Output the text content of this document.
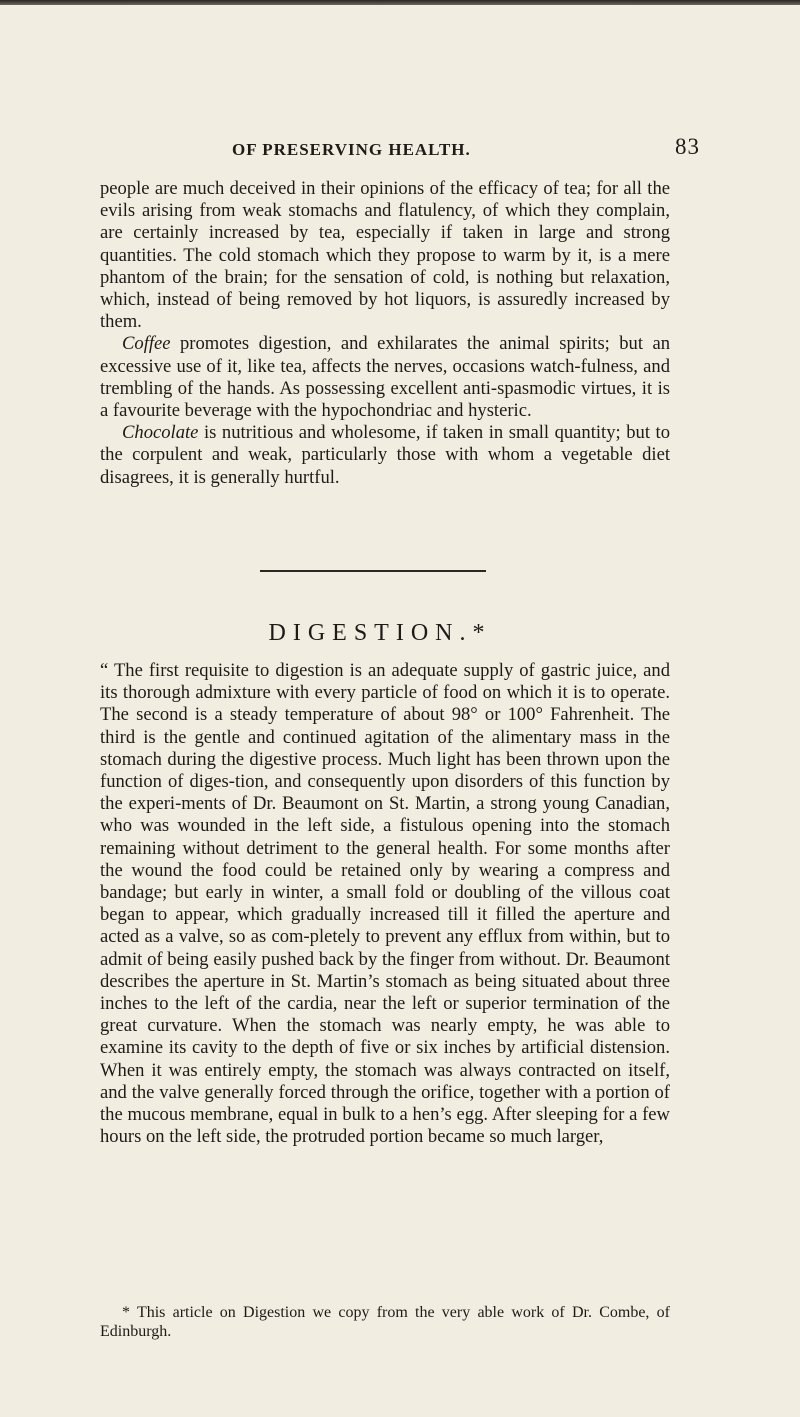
OF PRESERVING HEALTH.	83

people are much deceived in their opinions of the efficacy of tea; for all the evils arising from weak stomachs and flatulency, of which they complain, are certainly increased by tea, especially if taken in large and strong quantities. The cold stomach which they propose to warm by it, is a mere phantom of the brain; for the sensation of cold, is nothing but relaxation, which, instead of being removed by hot liquors, is assuredly increased by them.

Coffee promotes digestion, and exhilarates the animal spirits; but an excessive use of it, like tea, affects the nerves, occasions watch-fulness, and trembling of the hands. As possessing excellent anti-spasmodic virtues, it is a favourite beverage with the hypochondriac and hysteric.

Chocolate is nutritious and wholesome, if taken in small quantity; but to the corpulent and weak, particularly those with whom a vegetable diet disagrees, it is generally hurtful.

DIGESTION.*

“ The first requisite to digestion is an adequate supply of gastric juice, and its thorough admixture with every particle of food on which it is to operate. The second is a steady temperature of about 98° or 100° Fahrenheit. The third is the gentle and continued agitation of the alimentary mass in the stomach during the digestive process. Much light has been thrown upon the function of diges-tion, and consequently upon disorders of this function by the experi-ments of Dr. Beaumont on St. Martin, a strong young Canadian, who was wounded in the left side, a fistulous opening into the stomach remaining without detriment to the general health. For some months after the wound the food could be retained only by wearing a compress and bandage; but early in winter, a small fold or doubling of the villous coat began to appear, which gradually increased till it filled the aperture and acted as a valve, so as com-pletely to prevent any efflux from within, but to admit of being easily pushed back by the finger from without. Dr. Beaumont describes the aperture in St. Martin’s stomach as being situated about three inches to the left of the cardia, near the left or superior termination of the great curvature. When the stomach was nearly empty, he was able to examine its cavity to the depth of five or six inches by artificial distension. When it was entirely empty, the stomach was always contracted on itself, and the valve generally forced through the orifice, together with a portion of the mucous membrane, equal in bulk to a hen’s egg. After sleeping for a few hours on the left side, the protruded portion became so much larger,

* This article on Digestion we copy from the very able work of Dr. Combe, of Edinburgh.
